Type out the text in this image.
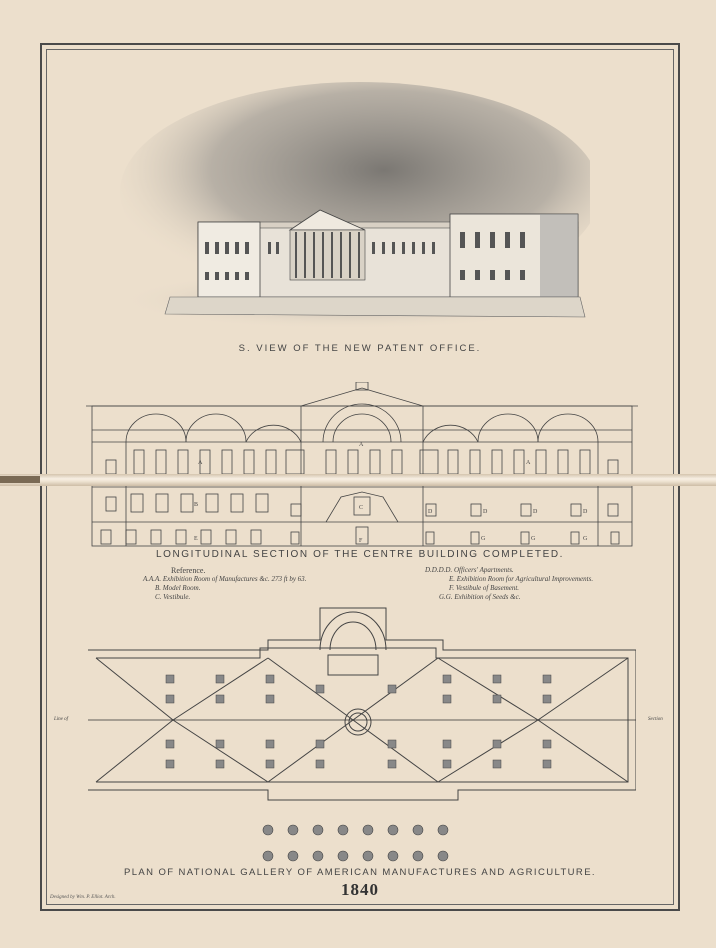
S. VIEW OF THE NEW PATENT OFFICE.
A
A
A
B	C
D	D	D	D
E	F	G	G	G
LONGITUDINAL SECTION OF THE CENTRE BUILDING COMPLETED.
Reference.
A.A.A. Exhibition Room of Manufactures &c. 273 ft by 63.
B. Model Room.
C. Vestibule.
D.D.D.D. Officers' Apartments.
E. Exhibition Room for Agricultural Improvements.
F. Vestibule of Basement.
G.G. Exhibition of Seeds &c.
Line of	Section
PLAN OF NATIONAL GALLERY OF AMERICAN MANUFACTURES AND AGRICULTURE.
1840
Designed by Wm. P. Elliot. Arch.
